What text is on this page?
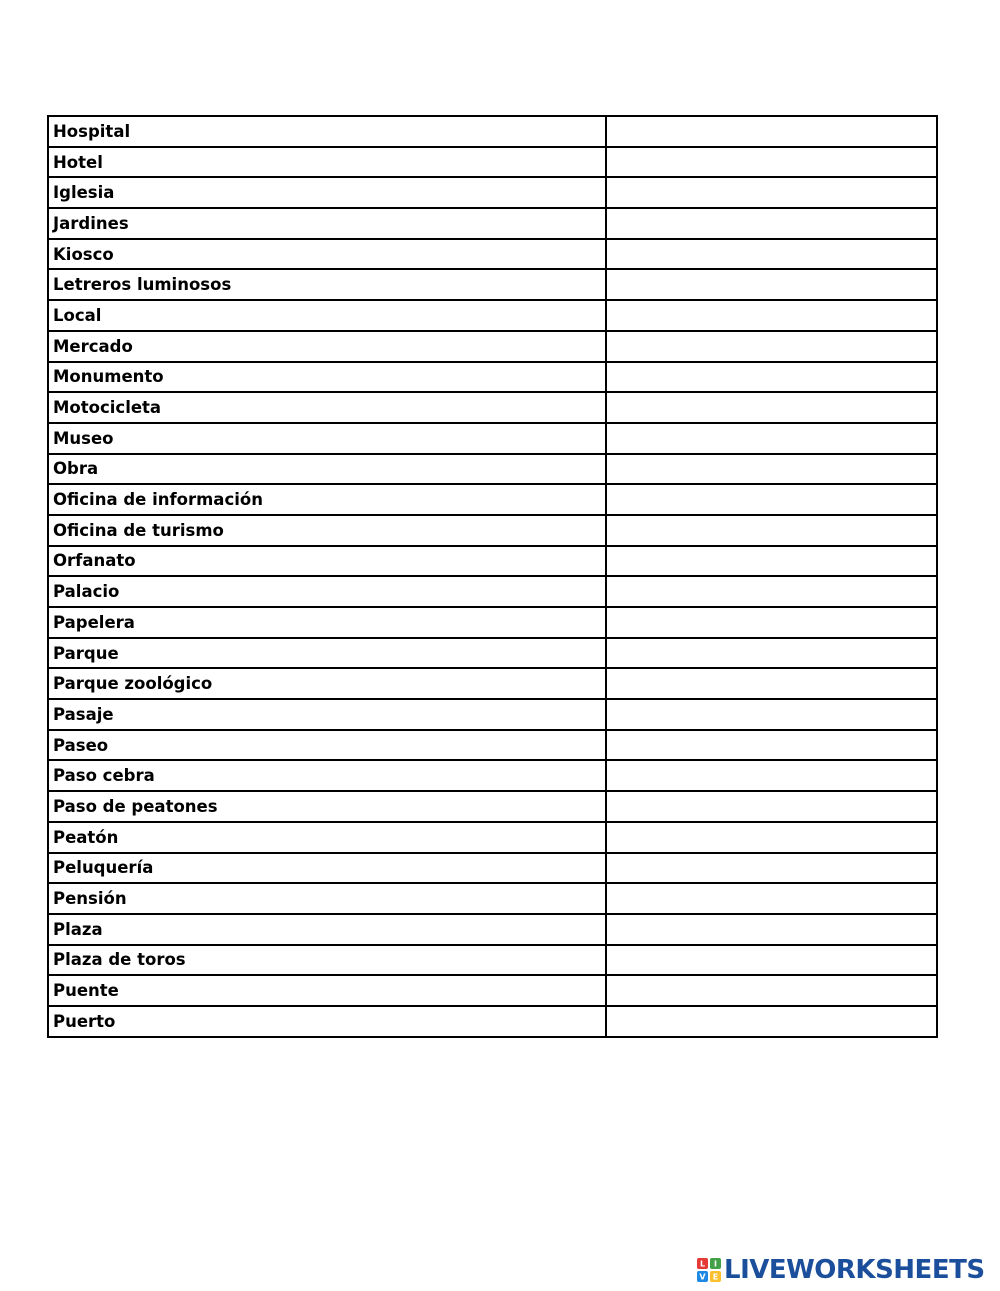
Hospital	
Hotel	
Iglesia	
Jardines	
Kiosco	
Letreros luminosos	
Local	
Mercado	
Monumento	
Motocicleta	
Museo	
Obra	
Oficina de información	
Oficina de turismo	
Orfanato	
Palacio	
Papelera	
Parque	
Parque zoológico	
Pasaje	
Paseo	
Paso cebra	
Paso de peatones	
Peatón	
Peluquería	
Pensión	
Plaza	
Plaza de toros	
Puente	
Puerto	
L I
V E LIVEWORKSHEETS
